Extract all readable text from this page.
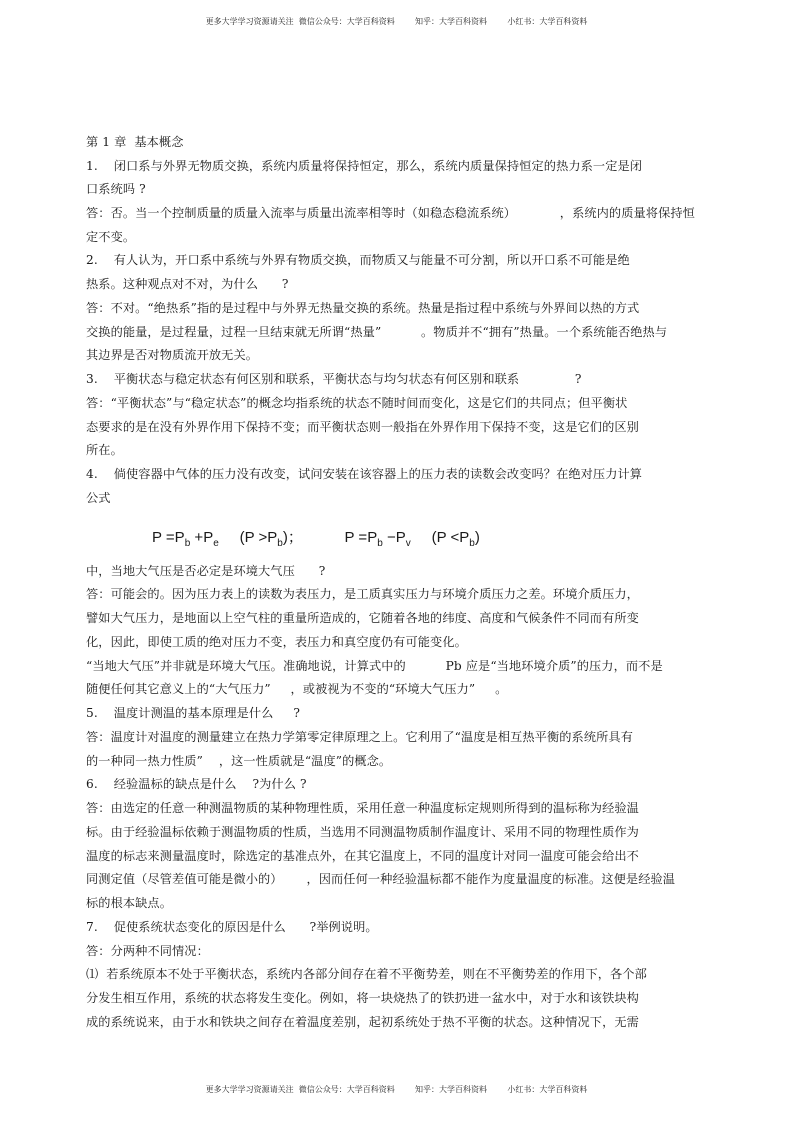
更多大学学习资源请关注  微信公众号：大学百科资料        知乎：大学百科资料        小红书：大学百科资料
第 1 章  基本概念
1.    闭口系与外界无物质交换，系统内质量将保持恒定，那么，系统内质量保持恒定的热力系一定是闭
口系统吗 ?
答：否。当一个控制质量的质量入流率与质量出流率相等时（如稳态稳流系统）           ，系统内的质量将保持恒
定不变。
2.    有人认为，开口系中系统与外界有物质交换，而物质又与能量不可分割，所以开口系不可能是绝
热系。这种观点对不对，为什么      ?
答：不对。“绝热系”指的是过程中与外界无热量交换的系统。热量是指过程中系统与外界间以热的方式
交换的能量，是过程量，过程一旦结束就无所谓“热量”          。物质并不“拥有”热量。一个系统能否绝热与
其边界是否对物质流开放无关。
3.    平衡状态与稳定状态有何区别和联系，平衡状态与均匀状态有何区别和联系              ?
答：“平衡状态”与“稳定状态”的概念均指系统的状态不随时间而变化，这是它们的共同点；但平衡状
态要求的是在没有外界作用下保持不变；而平衡状态则一般指在外界作用下保持不变，这是它们的区别
所在。
4.    倘使容器中气体的压力没有改变，试问安装在该容器上的压力表的读数会改变吗？在绝对压力计算
公式
$P =P_b +P_e$     $(P >P_b)$；	$P =P_b -P_v$     $(P <P_b)$
中，当地大气压是否必定是环境大气压      ?
答：可能会的。因为压力表上的读数为表压力，是工质真实压力与环境介质压力之差。环境介质压力，
譬如大气压力，是地面以上空气柱的重量所造成的，它随着各地的纬度、高度和气候条件不同而有所变
化，因此，即使工质的绝对压力不变，表压力和真空度仍有可能变化。
“当地大气压”并非就是环境大气压。准确地说，计算式中的          Pb 应是“当地环境介质”的压力，而不是
随便任何其它意义上的“大气压力”     ，或被视为不变的“环境大气压力”     。
5.    温度计测温的基本原理是什么     ?
答：温度计对温度的测量建立在热力学第零定律原理之上。它利用了“温度是相互热平衡的系统所具有
的一种同一热力性质”    ，这一性质就是“温度”的概念。
6.    经验温标的缺点是什么    ?为什么 ?
答：由选定的任意一种测温物质的某种物理性质，采用任意一种温度标定规则所得到的温标称为经验温
标。由于经验温标依赖于测温物质的性质，当选用不同测温物质制作温度计、采用不同的物理性质作为
温度的标志来测量温度时，除选定的基准点外，在其它温度上，不同的温度计对同一温度可能会给出不
同测定值（尽管差值可能是微小的）      ，因而任何一种经验温标都不能作为度量温度的标准。这便是经验温
标的根本缺点。
7.    促使系统状态变化的原因是什么      ?举例说明。
答：分两种不同情况：
⑴  若系统原本不处于平衡状态，系统内各部分间存在着不平衡势差，则在不平衡势差的作用下，各个部
分发生相互作用，系统的状态将发生变化。例如，将一块烧热了的铁扔进一盆水中，对于水和该铁块构
成的系统说来，由于水和铁块之间存在着温度差别，起初系统处于热不平衡的状态。这种情况下，无需
更多大学学习资源请关注  微信公众号：大学百科资料        知乎：大学百科资料        小红书：大学百科资料
